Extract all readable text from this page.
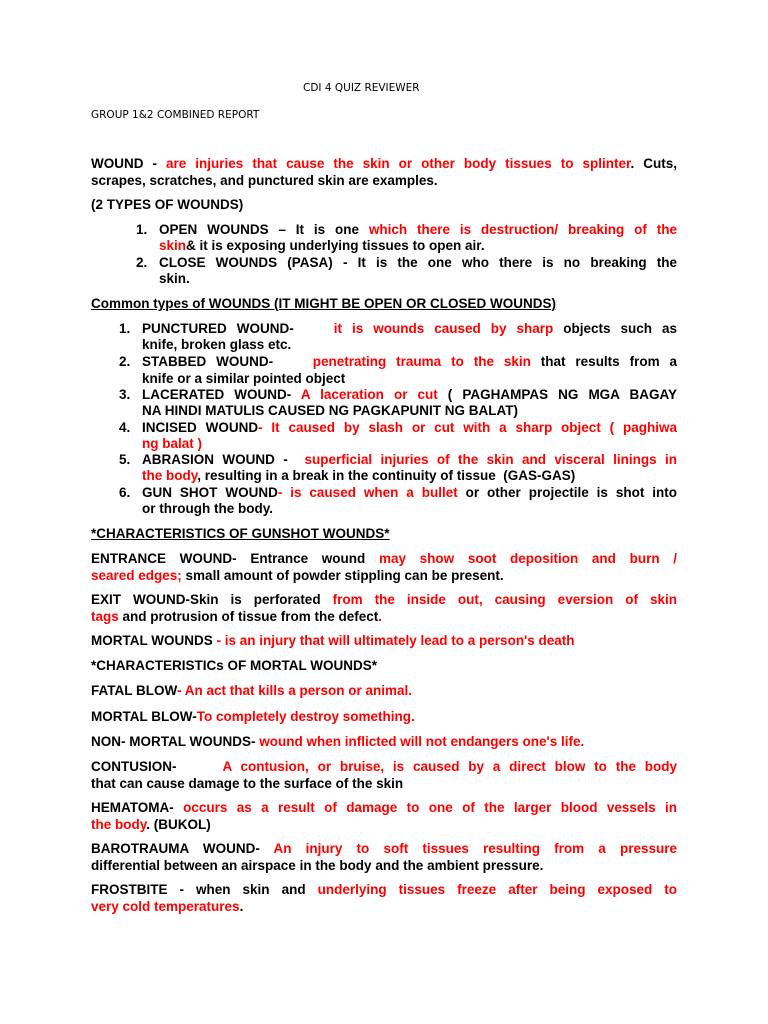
CDI 4 QUIZ REVIEWER
GROUP 1&2 COMBINED REPORT
WOUND - are injuries that cause the skin or other body tissues to splinter. Cuts,
scrapes, scratches, and punctured skin are examples.
(2 TYPES OF WOUNDS)
1. OPEN WOUNDS – It is one which there is destruction/ breaking of the
skin& it is exposing underlying tissues to open air.
2. CLOSE WOUNDS (PASA) - It is the one who there is no breaking the
skin.
Common types of WOUNDS (IT MIGHT BE OPEN OR CLOSED WOUNDS)
1. PUNCTURED WOUND-    it is wounds caused by sharp objects such as
knife, broken glass etc.
2. STABBED WOUND-    penetrating trauma to the skin that results from a
knife or a similar pointed object
3. LACERATED WOUND- A laceration or cut ( PAGHAMPAS NG MGA BAGAY
NA HINDI MATULIS CAUSED NG PAGKAPUNIT NG BALAT)
4. INCISED WOUND- It caused by slash or cut with a sharp object ( paghiwa
ng balat )
5. ABRASION WOUND -  superficial injuries of the skin and visceral linings in
the body, resulting in a break in the continuity of tissue  (GAS-GAS)
6. GUN SHOT WOUND- is caused when a bullet or other projectile is shot into
or through the body.
*CHARACTERISTICS OF GUNSHOT WOUNDS*
ENTRANCE WOUND- Entrance wound may show soot deposition and burn /
seared edges; small amount of powder stippling can be present.
EXIT WOUND-Skin is perforated from the inside out, causing eversion of skin
tags and protrusion of tissue from the defect.
MORTAL WOUNDS - is an injury that will ultimately lead to a person's death
*CHARACTERISTICs OF MORTAL WOUNDS*
FATAL BLOW- An act that kills a person or animal.
MORTAL BLOW-To completely destroy something.
NON- MORTAL WOUNDS- wound when inflicted will not endangers one's life.
CONTUSION-	A contusion, or bruise, is caused by a direct blow to the body
that can cause damage to the surface of the skin
HEMATOMA- occurs as a result of damage to one of the larger blood vessels in
the body. (BUKOL)
BAROTRAUMA WOUND- An injury to soft tissues resulting from a pressure
differential between an airspace in the body and the ambient pressure.
FROSTBITE - when skin and underlying tissues freeze after being exposed to
very cold temperatures.
